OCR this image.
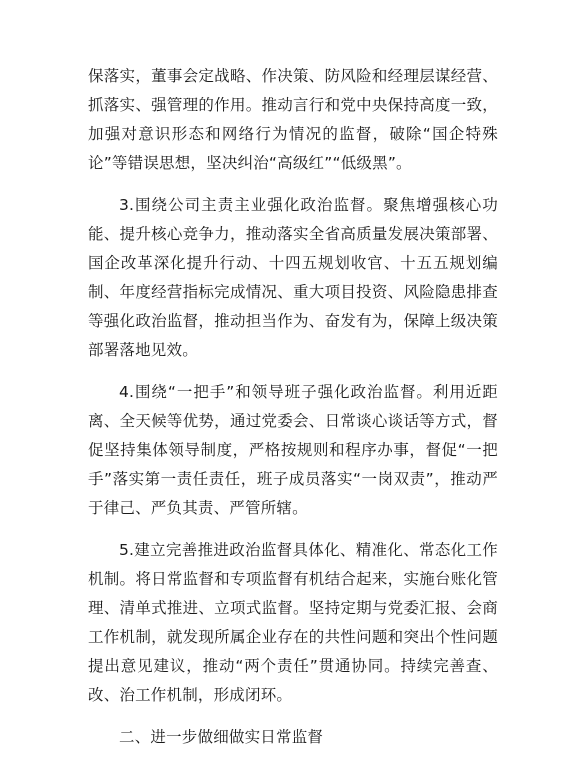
保落实，董事会定战略、作决策、防风险和经理层谋经营、抓落实、强管理的作用。推动言行和党中央保持高度一致，加强对意识形态和网络行为情况的监督，破除“国企特殊论”等错误思想，坚决纠治“高级红”“低级黑”。

3.围绕公司主责主业强化政治监督。聚焦增强核心功能、提升核心竞争力，推动落实全省高质量发展决策部署、国企改革深化提升行动、十四五规划收官、十五五规划编制、年度经营指标完成情况、重大项目投资、风险隐患排查等强化政治监督，推动担当作为、奋发有为，保障上级决策部署落地见效。

4.围绕“一把手”和领导班子强化政治监督。利用近距离、全天候等优势，通过党委会、日常谈心谈话等方式，督促坚持集体领导制度，严格按规则和程序办事，督促“一把手”落实第一责任责任，班子成员落实“一岗双责”，推动严于律己、严负其责、严管所辖。

5.建立完善推进政治监督具体化、精准化、常态化工作机制。将日常监督和专项监督有机结合起来，实施台账化管理、清单式推进、立项式监督。坚持定期与党委汇报、会商工作机制，就发现所属企业存在的共性问题和突出个性问题提出意见建议，推动“两个责任”贯通协同。持续完善查、改、治工作机制，形成闭环。

二、进一步做细做实日常监督
